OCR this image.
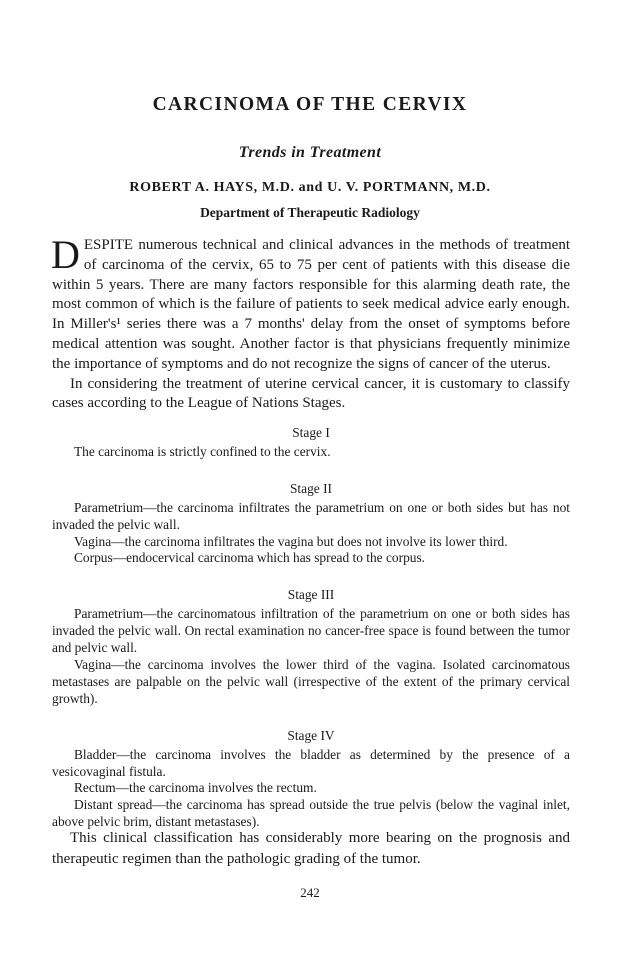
CARCINOMA OF THE CERVIX
Trends in Treatment
ROBERT A. HAYS, M.D. and U. V. PORTMANN, M.D.
Department of Therapeutic Radiology

DESPITE numerous technical and clinical advances in the methods of treatment of carcinoma of the cervix, 65 to 75 per cent of patients with this disease die within 5 years. There are many factors responsible for this alarming death rate, the most common of which is the failure of patients to seek medical advice early enough. In Miller's¹ series there was a 7 months' delay from the onset of symptoms before medical attention was sought. Another factor is that physicians frequently minimize the importance of symptoms and do not recognize the signs of cancer of the uterus.

In considering the treatment of uterine cervical cancer, it is customary to classify cases according to the League of Nations Stages.

Stage I

The carcinoma is strictly confined to the cervix.

Stage II

Parametrium—the carcinoma infiltrates the parametrium on one or both sides but has not invaded the pelvic wall.

Vagina—the carcinoma infiltrates the vagina but does not involve its lower third.

Corpus—endocervical carcinoma which has spread to the corpus.

Stage III

Parametrium—the carcinomatous infiltration of the parametrium on one or both sides has invaded the pelvic wall. On rectal examination no cancer-free space is found between the tumor and pelvic wall.

Vagina—the carcinoma involves the lower third of the vagina. Isolated carcinomatous metastases are palpable on the pelvic wall (irrespective of the extent of the primary cervical growth).

Stage IV

Bladder—the carcinoma involves the bladder as determined by the presence of a vesicovaginal fistula.

Rectum—the carcinoma involves the rectum.

Distant spread—the carcinoma has spread outside the true pelvis (below the vaginal inlet, above pelvic brim, distant metastases).

This clinical classification has considerably more bearing on the prognosis and therapeutic regimen than the pathologic grading of the tumor.

242
